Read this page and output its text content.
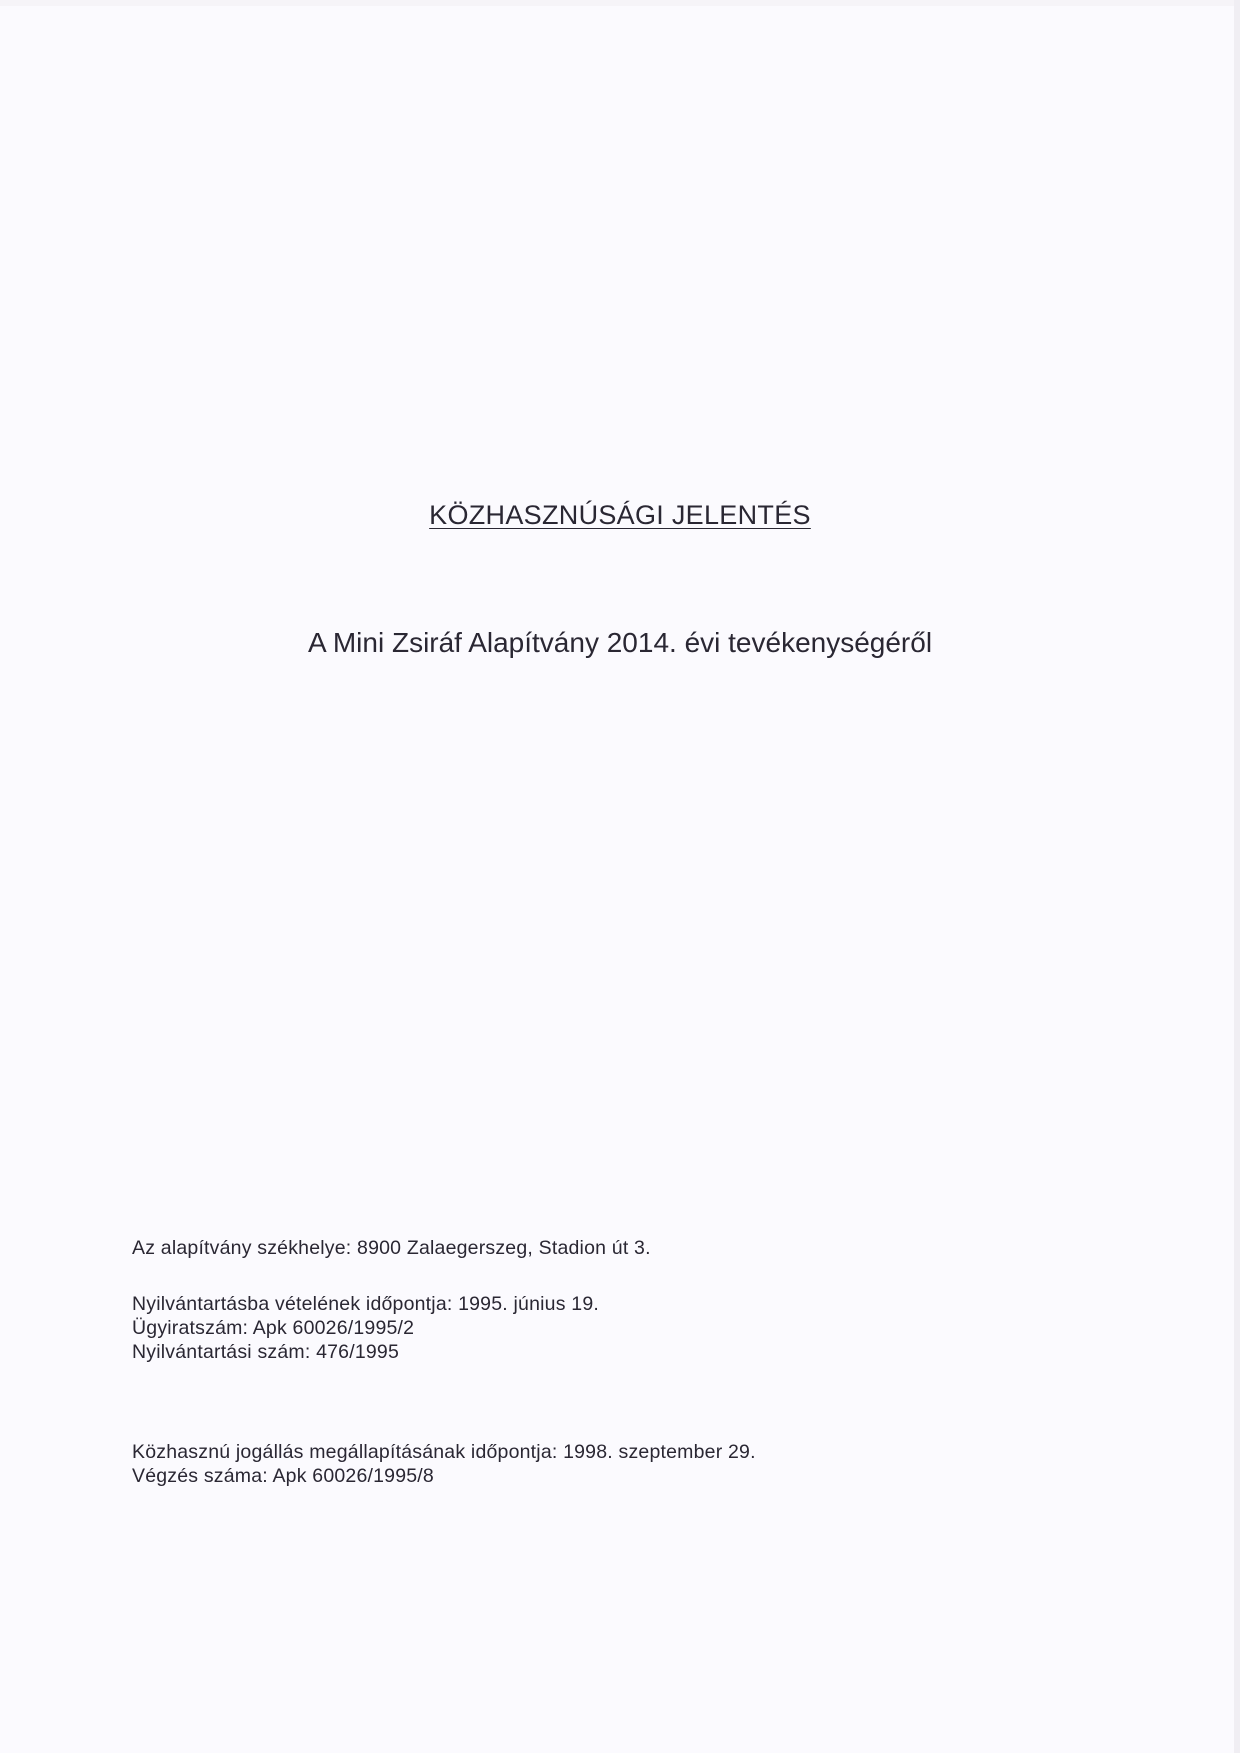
KÖZHASZNÚSÁGI JELENTÉS
A Mini Zsiráf Alapítvány 2014. évi tevékenységéről
Az alapítvány székhelye: 8900 Zalaegerszeg, Stadion út 3.
Nyilvántartásba vételének időpontja: 1995. június 19.
Ügyiratszám: Apk 60026/1995/2
Nyilvántartási szám: 476/1995
Közhasznú jogállás megállapításának időpontja: 1998. szeptember 29.
Végzés száma: Apk 60026/1995/8
